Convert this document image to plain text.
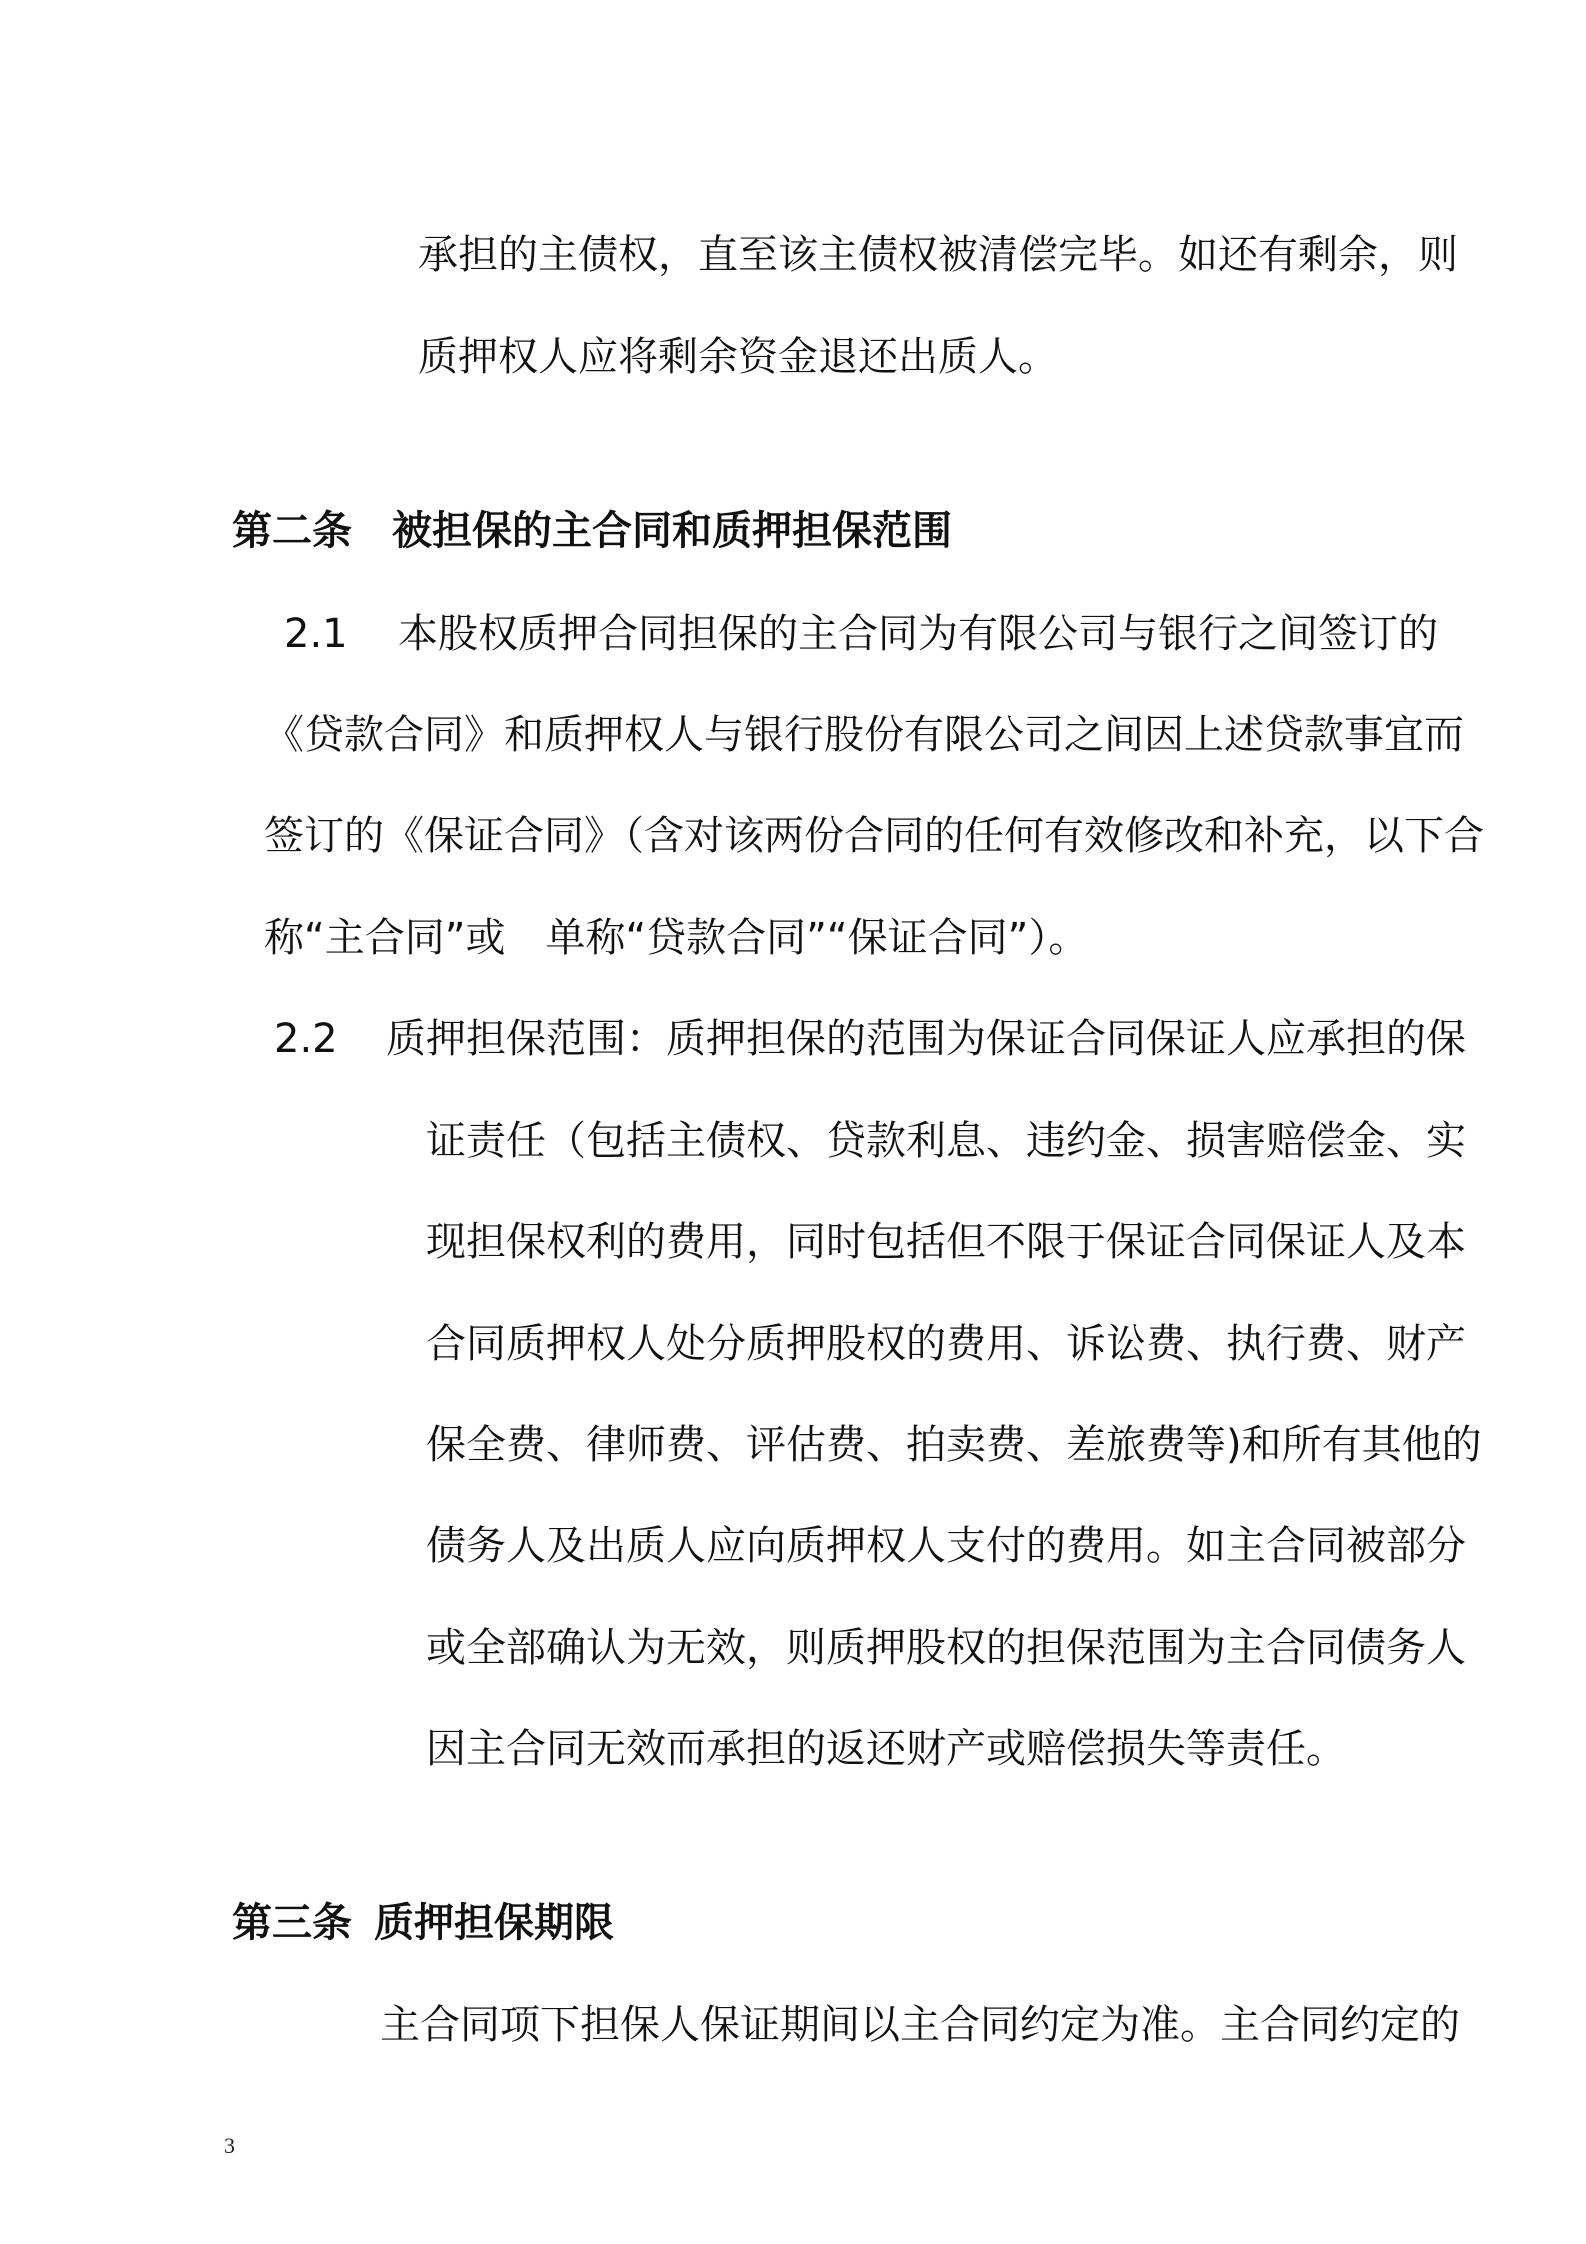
承担的主债权，直至该主债权被清偿完毕。如还有剩余，则
质押权人应将剩余资金退还出质人。
第二条 被担保的主合同和质押担保范围
2.1 本股权质押合同担保的主合同为有限公司与银行之间签订的
《贷款合同》和质押权人与银行股份有限公司之间因上述贷款事宜而
签订的《保证合同》（含对该两份合同的任何有效修改和补充，以下合
称“主合同”或　单称“贷款合同”“保证合同”）。
2.2 质押担保范围：质押担保的范围为保证合同保证人应承担的保
证责任（包括主债权、贷款利息、违约金、损害赔偿金、实
现担保权利的费用，同时包括但不限于保证合同保证人及本
合同质押权人处分质押股权的费用、诉讼费、执行费、财产
保全费、律师费、评估费、拍卖费、差旅费等)和所有其他的
债务人及出质人应向质押权人支付的费用。如主合同被部分
或全部确认为无效，则质押股权的担保范围为主合同债务人
因主合同无效而承担的返还财产或赔偿损失等责任。
第三条 质押担保期限
主合同项下担保人保证期间以主合同约定为准。主合同约定的
3
